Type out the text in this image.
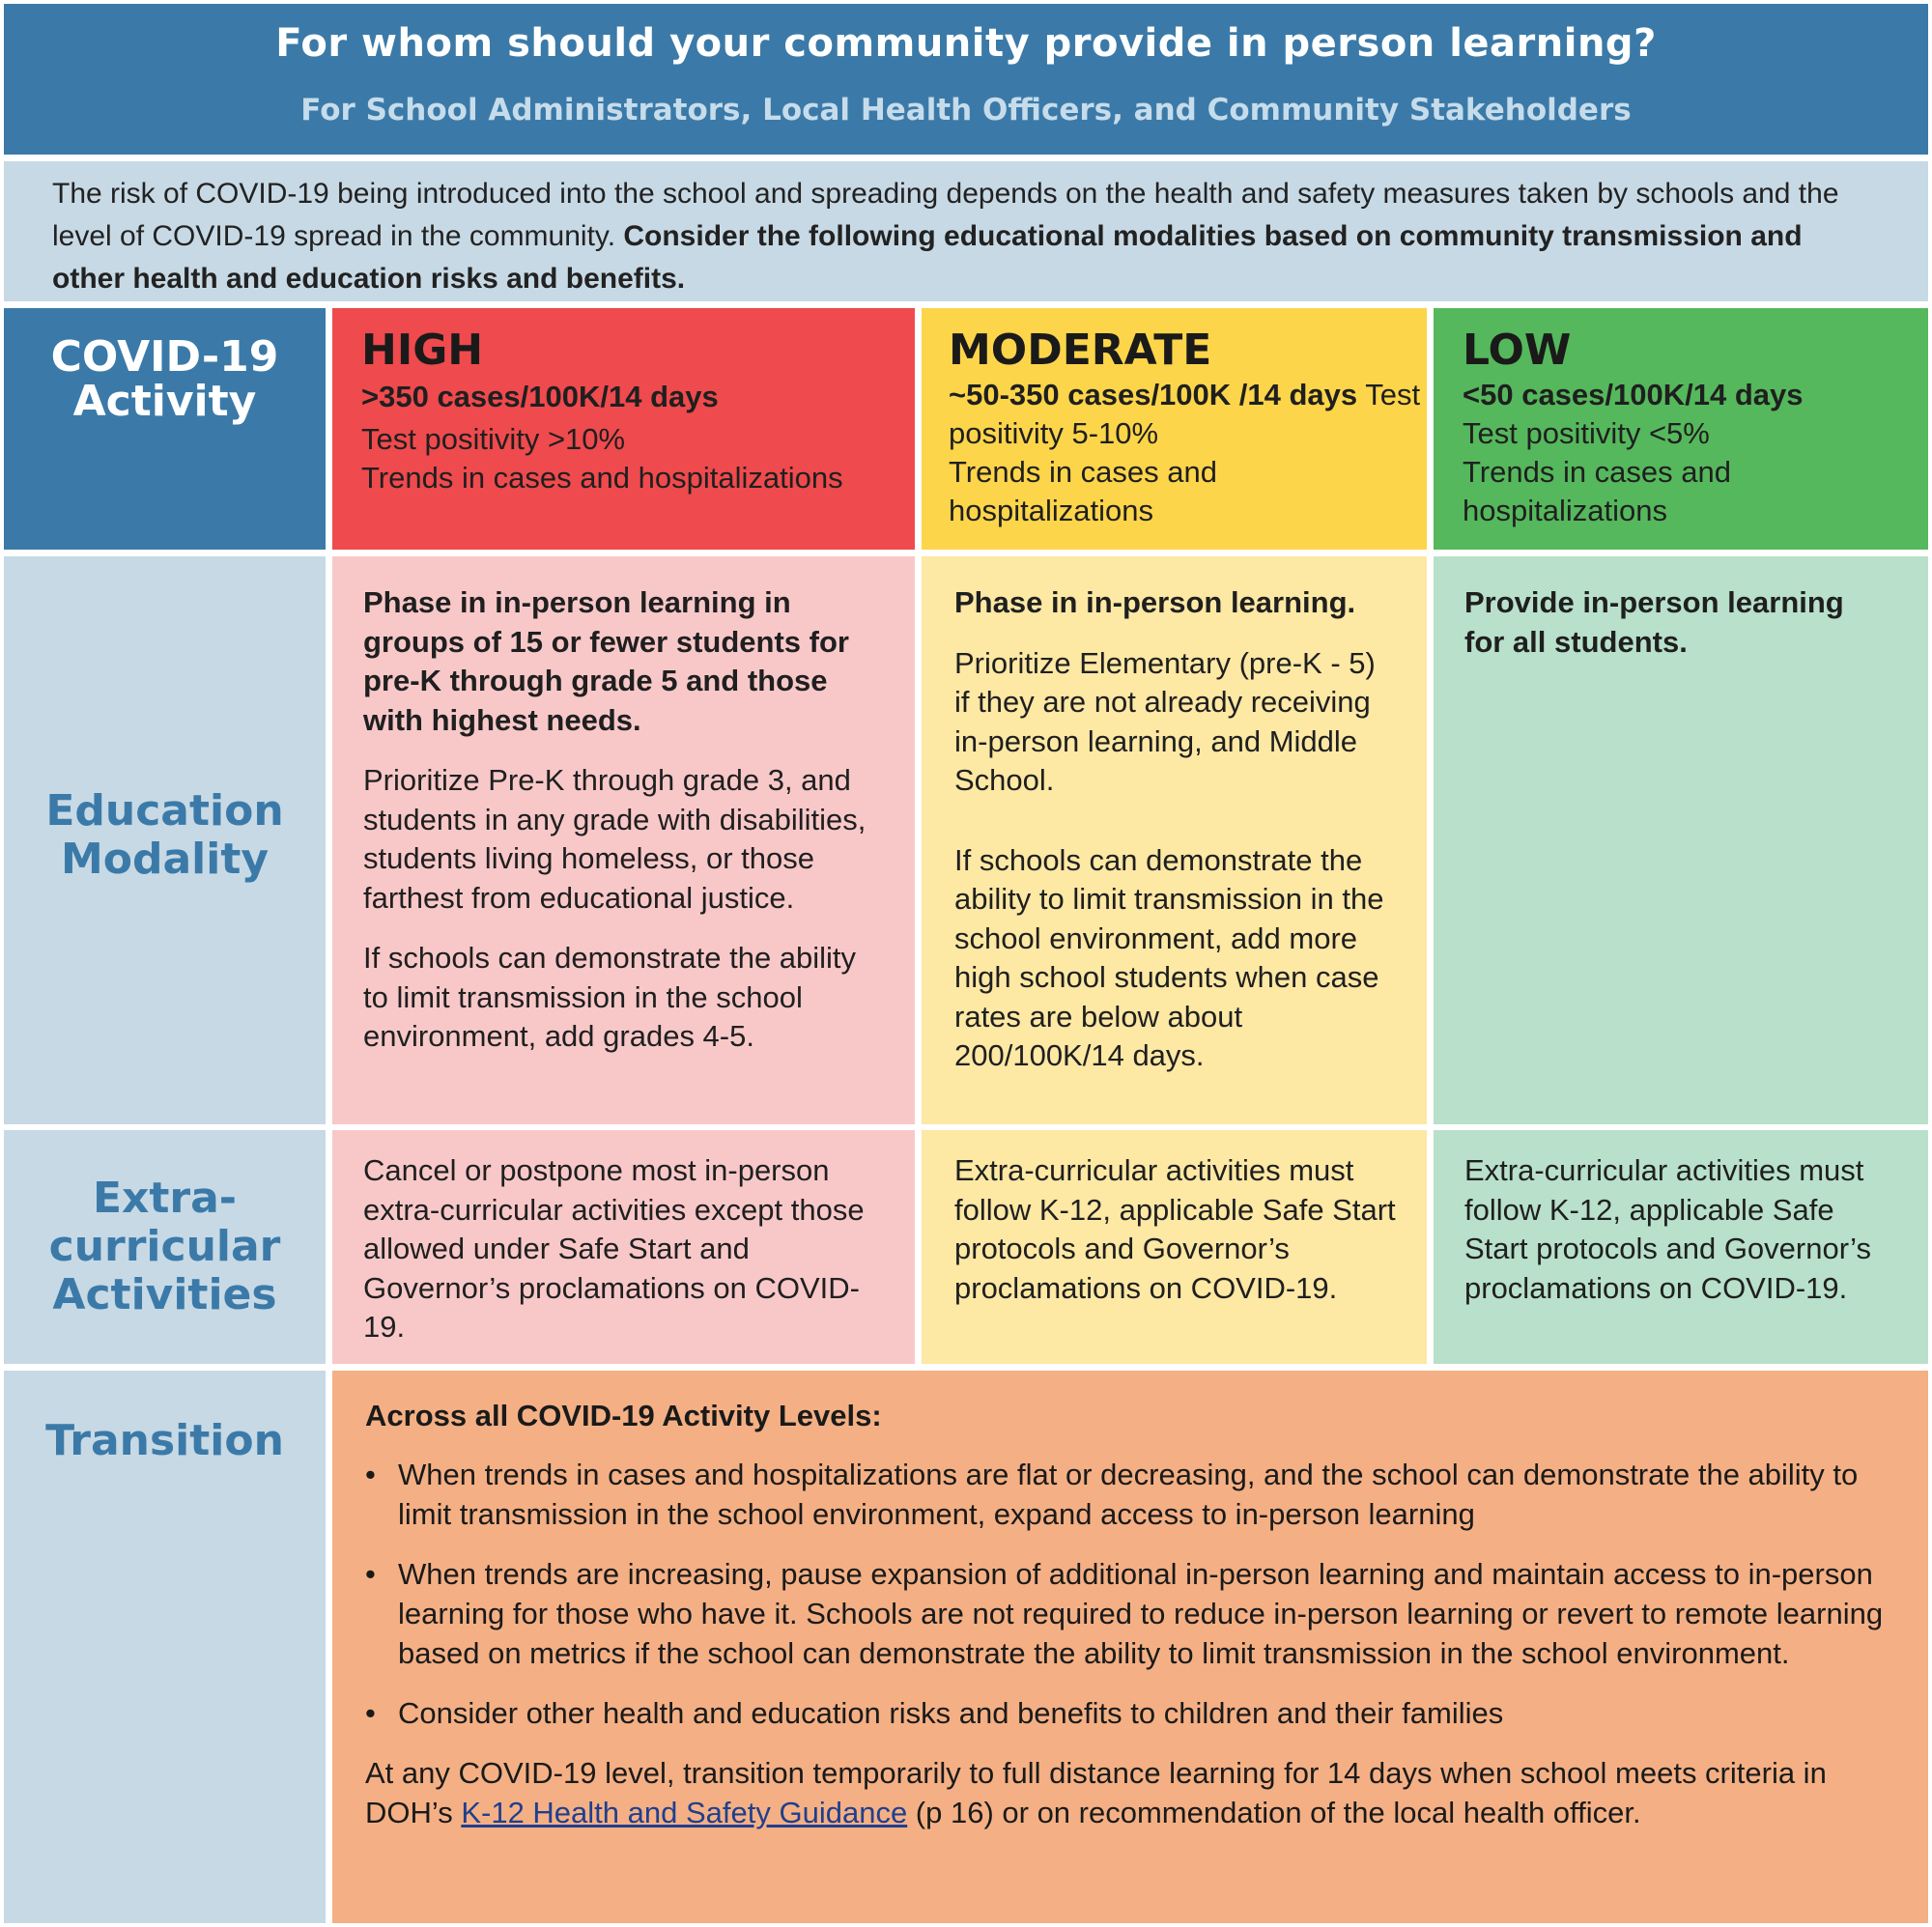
For whom should your community provide in person learning?
For School Administrators, Local Health Officers, and Community Stakeholders
The risk of COVID-19 being introduced into the school and spreading depends on the health and safety measures taken by schools and the level of COVID-19 spread in the community. Consider the following educational modalities based on community transmission and other health and education risks and benefits.
COVID-19 Activity
HIGH
>350 cases/100K/14 days
Test positivity >10%
Trends in cases and hospitalizations
MODERATE
~50-350 cases/100K /14 days Test positivity 5-10%
Trends in cases and hospitalizations
LOW
<50 cases/100K/14 days
Test positivity <5%
Trends in cases and hospitalizations
Education Modality

Phase in in-person learning in groups of 15 or fewer students for pre-K through grade 5 and those with highest needs.

Prioritize Pre-K through grade 3, and students in any grade with disabilities, students living homeless, or those farthest from educational justice.

If schools can demonstrate the ability to limit transmission in the school environment, add grades 4-5.

Phase in in-person learning.

Prioritize Elementary (pre-K - 5) if they are not already receiving in-person learning, and Middle School.

If schools can demonstrate the ability to limit transmission in the school environment, add more high school students when case rates are below about 200/100K/14 days.

Provide in-person learning for all students.

Extra-curricular Activities

Cancel or postpone most in-person extra-curricular activities except those allowed under Safe Start and Governor’s proclamations on COVID-19.

Extra-curricular activities must follow K-12, applicable Safe Start protocols and Governor’s proclamations on COVID-19.

Extra-curricular activities must follow K-12, applicable Safe Start protocols and Governor’s proclamations on COVID-19.

Transition
Across all COVID-19 Activity Levels:
• When trends in cases and hospitalizations are flat or decreasing, and the school can demonstrate the ability to limit transmission in the school environment, expand access to in-person learning
• When trends are increasing, pause expansion of additional in-person learning and maintain access to in-person learning for those who have it. Schools are not required to reduce in-person learning or revert to remote learning based on metrics if the school can demonstrate the ability to limit transmission in the school environment.
• Consider other health and education risks and benefits to children and their families
At any COVID-19 level, transition temporarily to full distance learning for 14 days when school meets criteria in DOH’s K-12 Health and Safety Guidance (p 16) or on recommendation of the local health officer.
